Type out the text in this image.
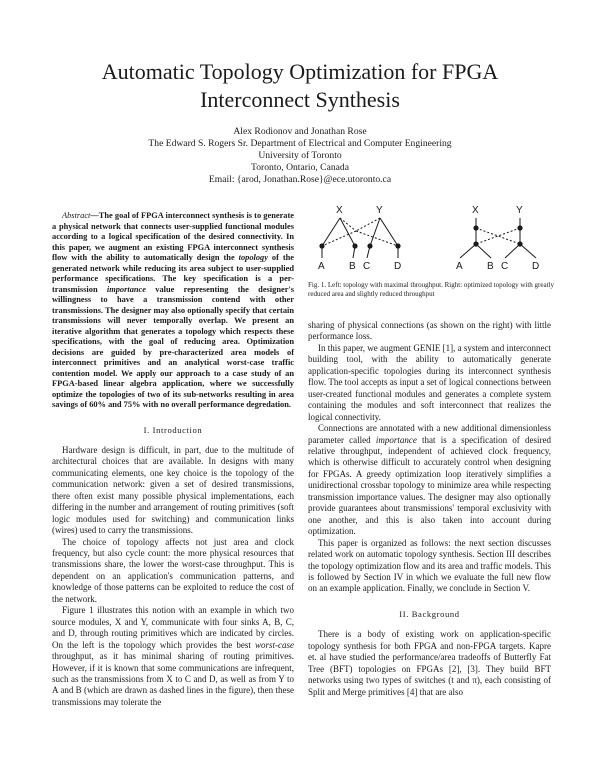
Automatic Topology Optimization for FPGA
Interconnect Synthesis
Alex Rodionov and Jonathan Rose
The Edward S. Rogers Sr. Department of Electrical and Computer Engineering
University of Toronto
Toronto, Ontario, Canada
Email: {arod, Jonathan.Rose}@ece.utoronto.ca

Abstract—The goal of FPGA interconnect synthesis is to generate a physical network that connects user-supplied functional modules according to a logical specification of the desired connectivity. In this paper, we augment an existing FPGA interconnect synthesis flow with the ability to automatically design the topology of the generated network while reducing its area subject to user-supplied performance specifications. The key specification is a per-transmission importance value representing the designer's willingness to have a transmission contend with other transmissions. The designer may also optionally specify that certain transmissions will never temporally overlap. We present an iterative algorithm that generates a topology which respects these specifications, with the goal of reducing area. Optimization decisions are guided by pre-characterized area models of interconnect primitives and an analytical worst-case traffic contention model. We apply our approach to a case study of an FPGA-based linear algebra application, where we successfully optimize the topologies of two of its sub-networks resulting in area savings of 60% and 75% with no overall performance degredation.

I. Introduction

Hardware design is difficult, in part, due to the multitude of architectural choices that are available. In designs with many communicating elements, one key choice is the topology of the communication network: given a set of desired transmissions, there often exist many possible physical implementations, each differing in the number and arrangement of routing primitives (soft logic modules used for switching) and communication links (wires) used to carry the transmissions.

The choice of topology affects not just area and clock frequency, but also cycle count: the more physical resources that transmissions share, the lower the worst-case throughput. This is dependent on an application's communication patterns, and knowledge of those patterns can be exploited to reduce the cost of the network.

Figure 1 illustrates this notion with an example in which two source modules, X and Y, communicate with four sinks A, B, C, and D, through routing primitives which are indicated by circles. On the left is the topology which provides the best worst-case throughput, as it has minimal sharing of routing primitives. However, if it is known that some communications are infrequent, such as the transmissions from X to C and D, as well as from Y to A and B (which are drawn as dashed lines in the figure), then these transmissions may tolerate the

X	Y
A B C D
X	Y
A B C D
Fig. 1. Left: topology with maximal throughput. Right: optimized topology with greatly reduced area and slightly reduced throughput

sharing of physical connections (as shown on the right) with little performance loss.

In this paper, we augment GENIE [1], a system and interconnect building tool, with the ability to automatically generate application-specific topologies during its interconnect synthesis flow. The tool accepts as input a set of logical connections between user-created functional modules and generates a complete system containing the modules and soft interconnect that realizes the logical connectivity.

Connections are annotated with a new additional dimensionless parameter called importance that is a specification of desired relative throughput, independent of achieved clock frequency, which is otherwise difficult to accurately control when designing for FPGAs. A greedy optimization loop iteratively simplifies a unidirectional crossbar topology to minimize area while respecting transmission importance values. The designer may also optionally provide guarantees about transmissions' temporal exclusivity with one another, and this is also taken into account during optimization.

This paper is organized as follows: the next section discusses related work on automatic topology synthesis. Section III describes the topology optimization flow and its area and traffic models. This is followed by Section IV in which we evaluate the full new flow on an example application. Finally, we conclude in Section V.

II. Background

There is a body of existing work on application-specific topology synthesis for both FPGA and non-FPGA targets. Kapre et. al have studied the performance/area tradeoffs of Butterfly Fat Tree (BFT) topologies on FPGAs [2], [3]. They build BFT networks using two types of switches (t and π), each consisting of Split and Merge primitives [4] that are also
